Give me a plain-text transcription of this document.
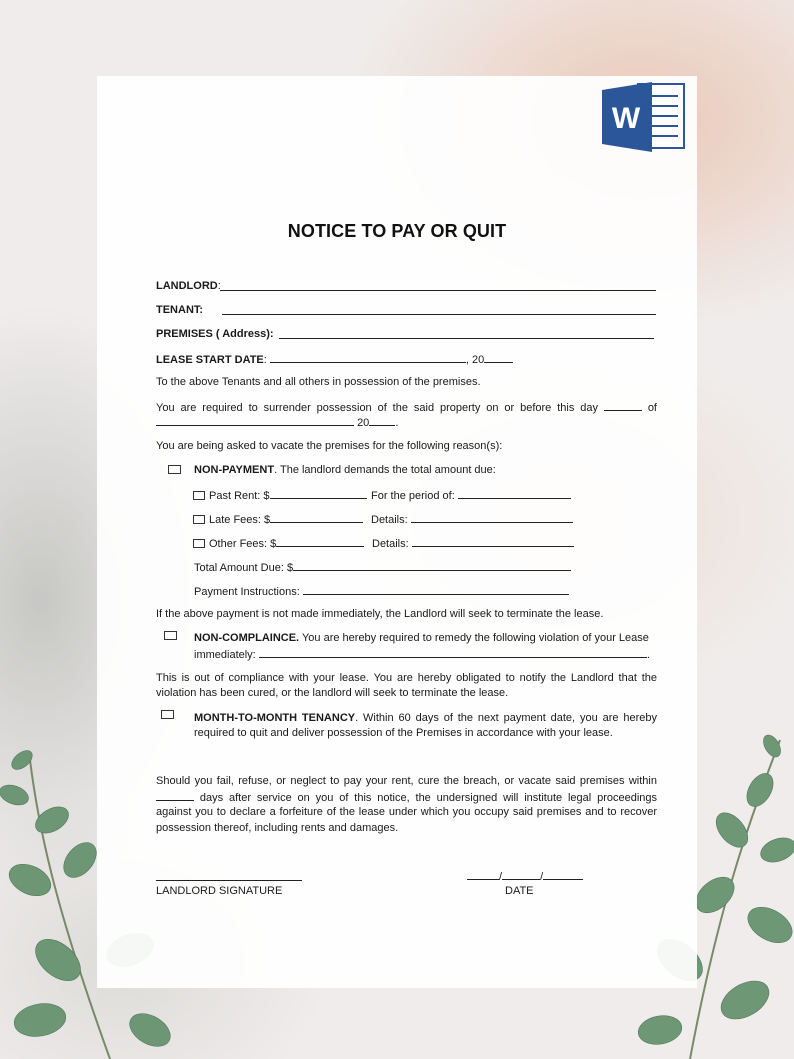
W
NOTICE TO PAY OR QUIT
LANDLORD:
TENANT:
PREMISES ( Address):
LEASE START DATE:	, 20
To the above Tenants and all others in possession of the premises.
You are required to surrender possession of the said property on or before this day	of
20 .
You are being asked to vacate the premises for the following reason(s):
NON-PAYMENT. The landlord demands the total amount due:
Past Rent: $	For the period of:
Late Fees: $	Details:
Other Fees: $	Details:
Total Amount Due: $
Payment Instructions:
If the above payment is not made immediately, the Landlord will seek to terminate the lease.
NON-COMPLAINCE. You are hereby required to remedy the following violation of your Lease
immediately:	.
This is out of compliance with your lease. You are hereby obligated to notify the Landlord that the
violation has been cured, or the landlord will seek to terminate the lease.
MONTH-TO-MONTH TENANCY. Within 60 days of the next payment date, you are hereby
required to quit and deliver possession of the Premises in accordance with your lease.
Should you fail, refuse, or neglect to pay your rent, cure the breach, or vacate said premises within
days after service on you of this notice, the undersigned will institute legal proceedings
against you to declare a forfeiture of the lease under which you occupy said premises and to recover
possession thereof, including rents and damages.
LANDLORD SIGNATURE
/	/
DATE
